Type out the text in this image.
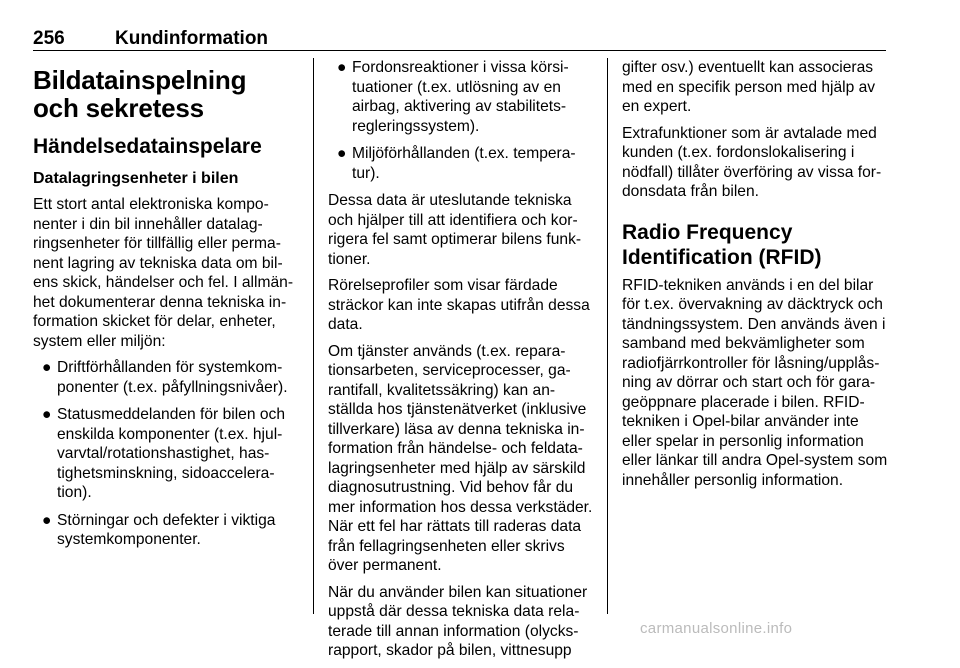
256	Kundinformation
Bildatainspelning och sekretess
Händelsedatainspelare
Datalagringsenheter i bilen

Ett stort antal elektroniska komponenter i din bil innehåller datalagringsenheter för tillfällig eller permanent lagring av tekniska data om bilens skick, händelser och fel. I allmänhet dokumenterar denna tekniska information skicket för delar, enheter, system eller miljön:

● Driftförhållanden för systemkomponenter (t.ex. påfyllningsnivåer).
● Statusmeddelanden för bilen och enskilda komponenter (t.ex. hjulvarvtal/rotationshastighet, hastighetsminskning, sidoacceleration).
● Störningar och defekter i viktiga systemkomponenter.
● Fordonsreaktioner i vissa körsituationer (t.ex. utlösning av en airbag, aktivering av stabilitetsregleringssystem).
● Miljöförhållanden (t.ex. temperatur).

Dessa data är uteslutande tekniska och hjälper till att identifiera och korrigera fel samt optimerar bilens funktioner.

Rörelseprofiler som visar färdade sträckor kan inte skapas utifrån dessa data.

Om tjänster används (t.ex. reparationsarbeten, serviceprocesser, garantifall, kvalitetssäkring) kan anställda hos tjänstenätverket (inklusive tillverkare) läsa av denna tekniska information från händelse- och feldatalagringsenheter med hjälp av särskild diagnosutrustning. Vid behov får du mer information hos dessa verkstäder. När ett fel har rättats till raderas data från fellagringsenheten eller skrivs över permanent.

När du använder bilen kan situationer uppstå där dessa tekniska data relaterade till annan information (olycksrapport, skador på bilen, vittnesupp

gifter osv.) eventuellt kan associeras med en specifik person med hjälp av en expert.

Extrafunktioner som är avtalade med kunden (t.ex. fordonslokalisering i nödfall) tillåter överföring av vissa fordonsdata från bilen.

Radio Frequency Identification (RFID)

RFID-tekniken används i en del bilar för t.ex. övervakning av däcktryck och tändningssystem. Den används även i samband med bekvämligheter som radiofjärrkontroller för låsning/upplåsning av dörrar och start och för garageöppnare placerade i bilen. RFID-tekniken i Opel-bilar använder inte eller spelar in personlig information eller länkar till andra Opel-system som innehåller personlig information.

carmanualsonline.info
